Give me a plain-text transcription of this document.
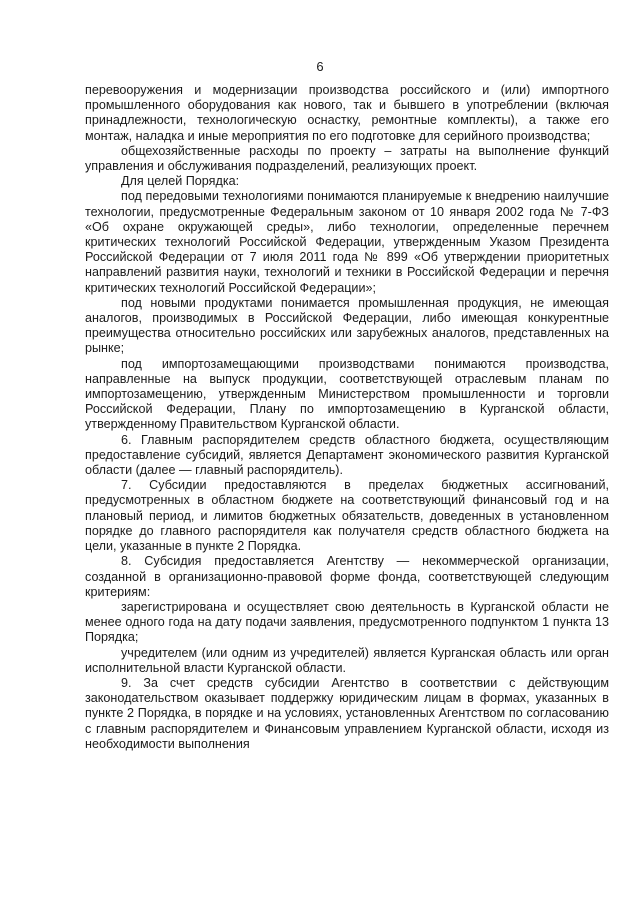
6

перевооружения и модернизации производства российского и (или) импортного промышленного оборудования как нового, так и бывшего в употреблении (включая принадлежности, технологическую оснастку, ремонтные комплекты), а также его монтаж, наладка и иные мероприятия по его подготовке для серийного производства;

общехозяйственные расходы по проекту – затраты на выполнение функций управления и обслуживания подразделений, реализующих проект.

Для целей Порядка:

под передовыми технологиями понимаются планируемые к внедрению наилучшие технологии, предусмотренные Федеральным законом от 10 января 2002 года № 7-ФЗ «Об охране окружающей среды», либо технологии, определенные перечнем критических технологий Российской Федерации, утвержденным Указом Президента Российской Федерации от 7 июля 2011 года № 899 «Об утверждении приоритетных направлений развития науки, технологий и техники в Российской Федерации и перечня критических технологий Российской Федерации»;

под новыми продуктами понимается промышленная продукция, не имеющая аналогов, производимых в Российской Федерации, либо имеющая конкурентные преимущества относительно российских или зарубежных аналогов, представленных на рынке;

под импортозамещающими производствами понимаются производства, направленные на выпуск продукции, соответствующей отраслевым планам по импортозамещению, утвержденным Министерством промышленности и торговли Российской Федерации, Плану по импортозамещению в Курганской области, утвержденному Правительством Курганской области.

6. Главным распорядителем средств областного бюджета, осуществляющим предоставление субсидий, является Департамент экономического развития Курганской области (далее — главный распорядитель).

7. Субсидии предоставляются в пределах бюджетных ассигнований, предусмотренных в областном бюджете на соответствующий финансовый год и на плановый период, и лимитов бюджетных обязательств, доведенных в установленном порядке до главного распорядителя как получателя средств областного бюджета на цели, указанные в пункте 2 Порядка.

8. Субсидия предоставляется Агентству — некоммерческой организации, созданной в организационно-правовой форме фонда, соответствующей следующим критериям:

зарегистрирована и осуществляет свою деятельность в Курганской области не менее одного года на дату подачи заявления, предусмотренного подпунктом 1 пункта 13 Порядка;

учредителем (или одним из учредителей) является Курганская область или орган исполнительной власти Курганской области.

9. За счет средств субсидии Агентство в соответствии с действующим законодательством оказывает поддержку юридическим лицам в формах, указанных в пункте 2 Порядка, в порядке и на условиях, установленных Агентством по согласованию с главным распорядителем и Финансовым управлением Курганской области, исходя из необходимости выполнения
